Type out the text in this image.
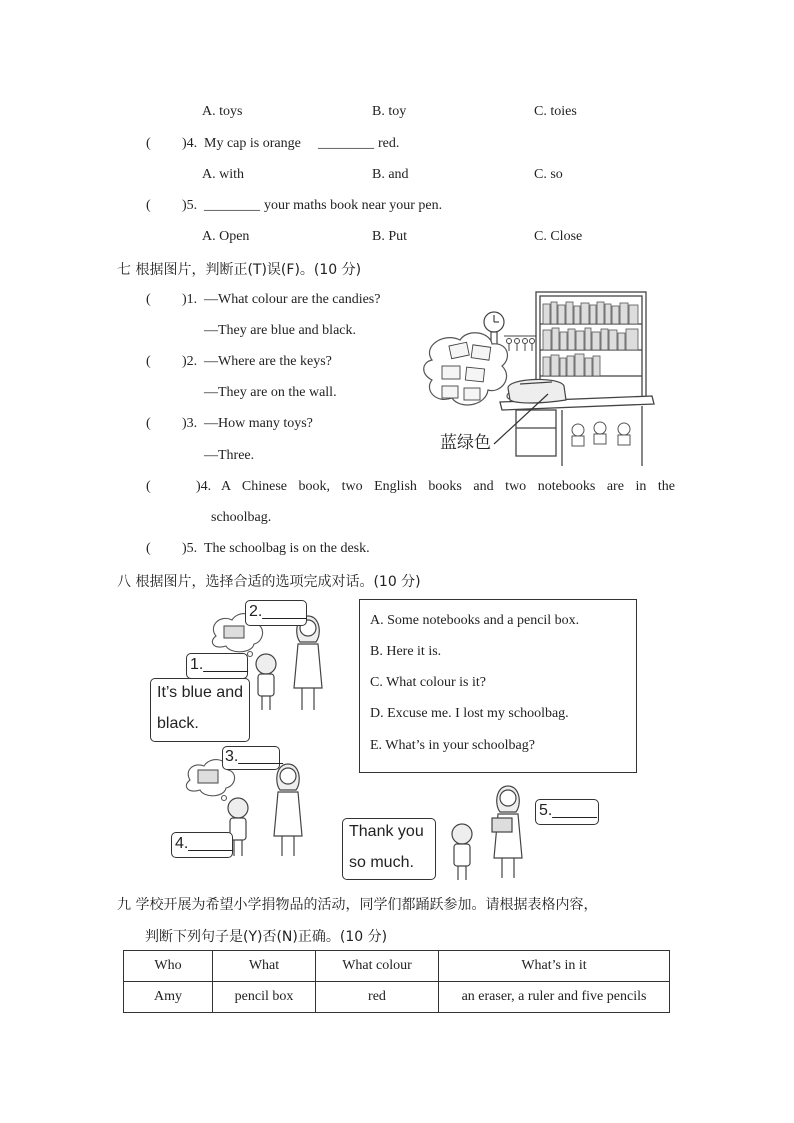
A. toys	B. toy	C. toies
( )4. My cap is orange ________ red.
A. with	B. and	C. so
( )5. ________ your maths book near your pen.
A. Open	B. Put	C. Close
七 根据图片，判断正(T)误(F)。(10 分)
( )1. —What colour are the candies?
—They are blue and black.
( )2. —Where are the keys?
—They are on the wall.
( )3. —How many toys?
—Three.
(	)4. A Chinese book, two English books and two notebooks are in the
schoolbag.
( )5. The schoolbag is on the desk.
蓝绿色
八 根据图片，选择合适的选项完成对话。(10 分)
A. Some notebooks and a pencil box.
B. Here it is.
C. What colour is it?
D. Excuse me. I lost my schoolbag.
E. What’s in your schoolbag?
2._____
1._____
It’s blue and
black.
3._____
4._____
Thank you
so much.
5._____
九 学校开展为希望小学捐物品的活动，同学们都踊跃参加。请根据表格内容，
判断下列句子是(Y)否(N)正确。(10 分)
Who	What	What colour	What’s in it
Amy	pencil box	red	an eraser, a ruler and five pencils
